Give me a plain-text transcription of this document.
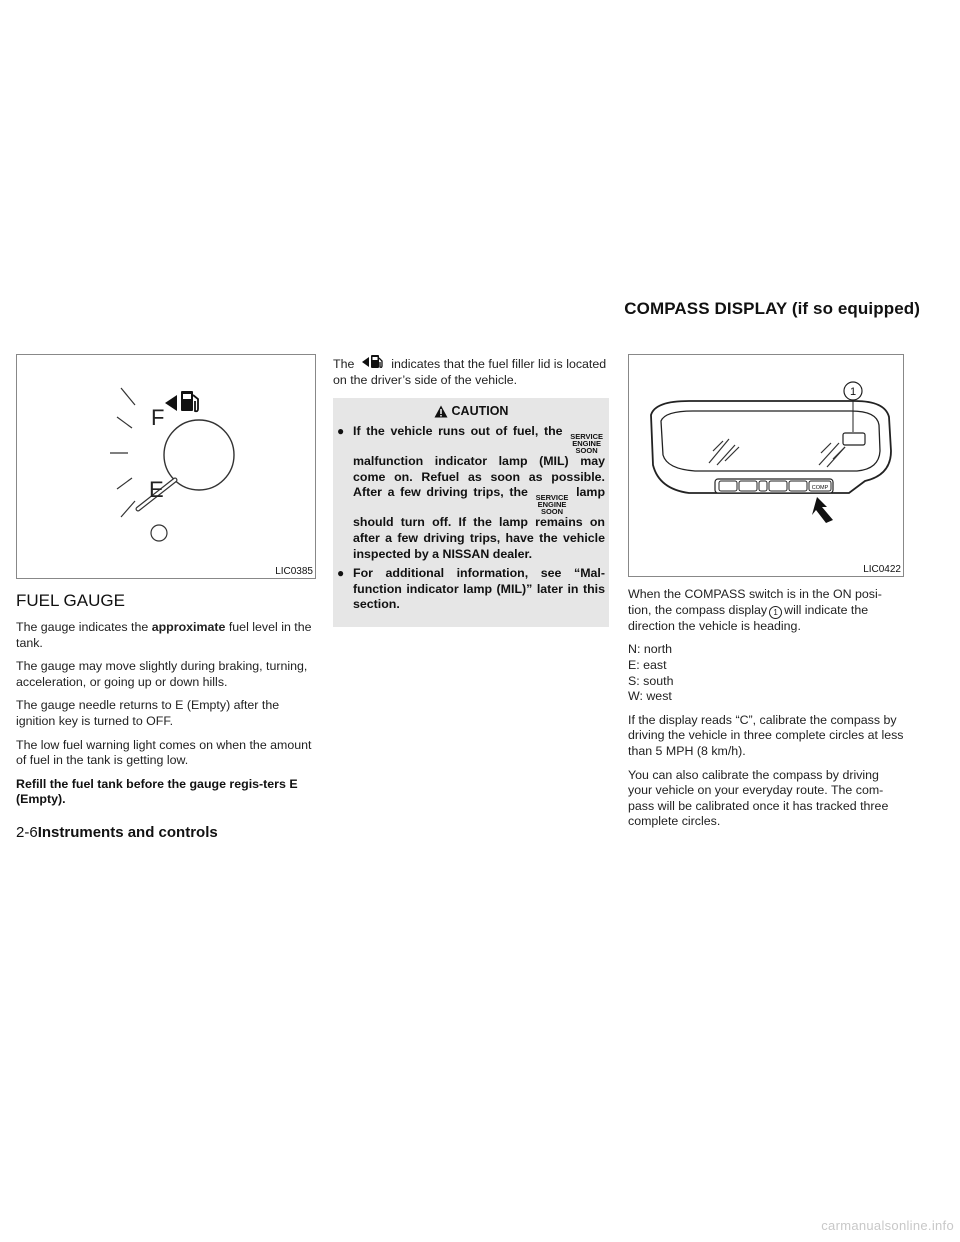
COMPASS DISPLAY (if so equipped)
F
E
LIC0385
FUEL GAUGE

The gauge indicates the approximate fuel level in the tank.

The gauge may move slightly during braking, turning, acceleration, or going up or down hills.

The gauge needle returns to E (Empty) after the ignition key is turned to OFF.

The low fuel warning light comes on when the amount of fuel in the tank is getting low.

Refill the fuel tank before the gauge regis-ters E (Empty).

The	indicates that the fuel filler lid is located on the driver’s side of the vehicle.

CAUTION
● If the vehicle runs out of fuel, the SERVICE
ENGINE
SOON
malfunction indicator lamp (MIL) may come on. Refuel as soon as possible. After a few driving trips, the SERVICE
ENGINE
SOON
lamp should turn off. If the lamp remains on after a few driving trips, have the vehicle inspected by a NISSAN dealer.
● For additional information, see “Mal-function indicator lamp (MIL)” later in this section.
1
COMP
LIC0422

When the COMPASS switch is in the ON posi-tion, the compass display 1 will indicate the direction the vehicle is heading.

N: north
E: east
S: south
W: west

If the display reads “C”, calibrate the compass by driving the vehicle in three complete circles at less than 5 MPH (8 km/h).

You can also calibrate the compass by driving your vehicle on your everyday route. The com-pass will be calibrated once it has tracked three complete circles.

2-6Instruments and controls
carmanualsonline.info
